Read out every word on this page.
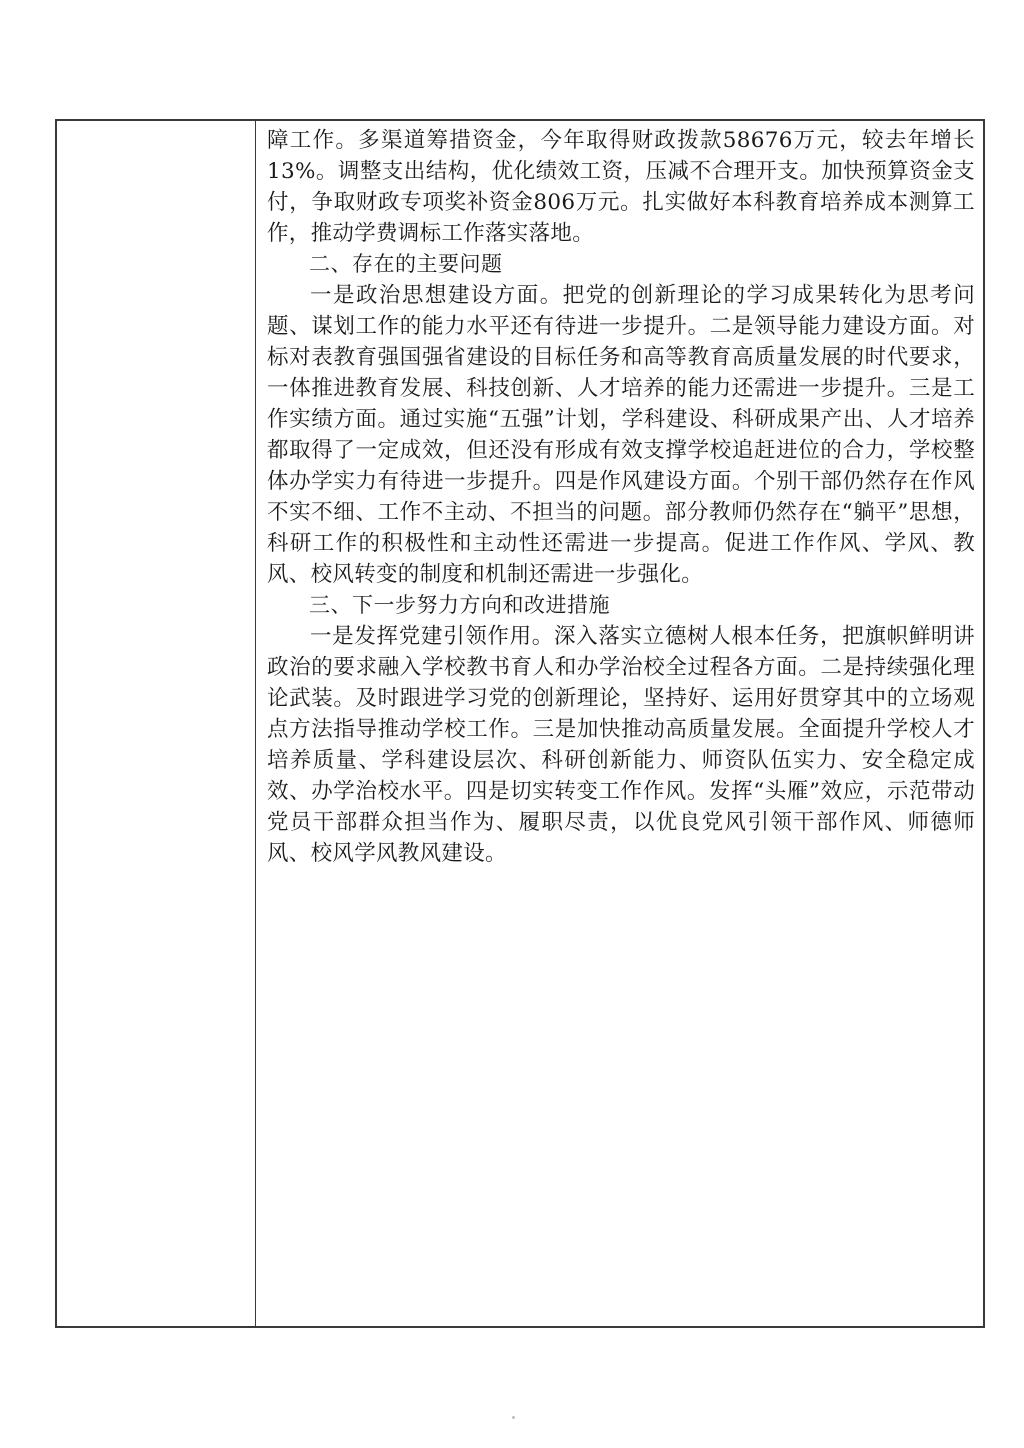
障工作。多渠道筹措资金，今年取得财政拨款58676万元，较去年增长13%。调整支出结构，优化绩效工资，压减不合理开支。加快预算资金支付，争取财政专项奖补资金806万元。扎实做好本科教育培养成本测算工作，推动学费调标工作落实落地。

二、存在的主要问题

一是政治思想建设方面。把党的创新理论的学习成果转化为思考问题、谋划工作的能力水平还有待进一步提升。二是领导能力建设方面。对标对表教育强国强省建设的目标任务和高等教育高质量发展的时代要求，一体推进教育发展、科技创新、人才培养的能力还需进一步提升。三是工作实绩方面。通过实施“五强”计划，学科建设、科研成果产出、人才培养都取得了一定成效，但还没有形成有效支撑学校追赶进位的合力，学校整体办学实力有待进一步提升。四是作风建设方面。个别干部仍然存在作风不实不细、工作不主动、不担当的问题。部分教师仍然存在“躺平”思想，科研工作的积极性和主动性还需进一步提高。促进工作作风、学风、教风、校风转变的制度和机制还需进一步强化。

三、下一步努力方向和改进措施

一是发挥党建引领作用。深入落实立德树人根本任务，把旗帜鲜明讲政治的要求融入学校教书育人和办学治校全过程各方面。二是持续强化理论武装。及时跟进学习党的创新理论，坚持好、运用好贯穿其中的立场观点方法指导推动学校工作。三是加快推动高质量发展。全面提升学校人才培养质量、学科建设层次、科研创新能力、师资队伍实力、安全稳定成效、办学治校水平。四是切实转变工作作风。发挥“头雁”效应，示范带动党员干部群众担当作为、履职尽责，以优良党风引领干部作风、师德师风、校风学风教风建设。
